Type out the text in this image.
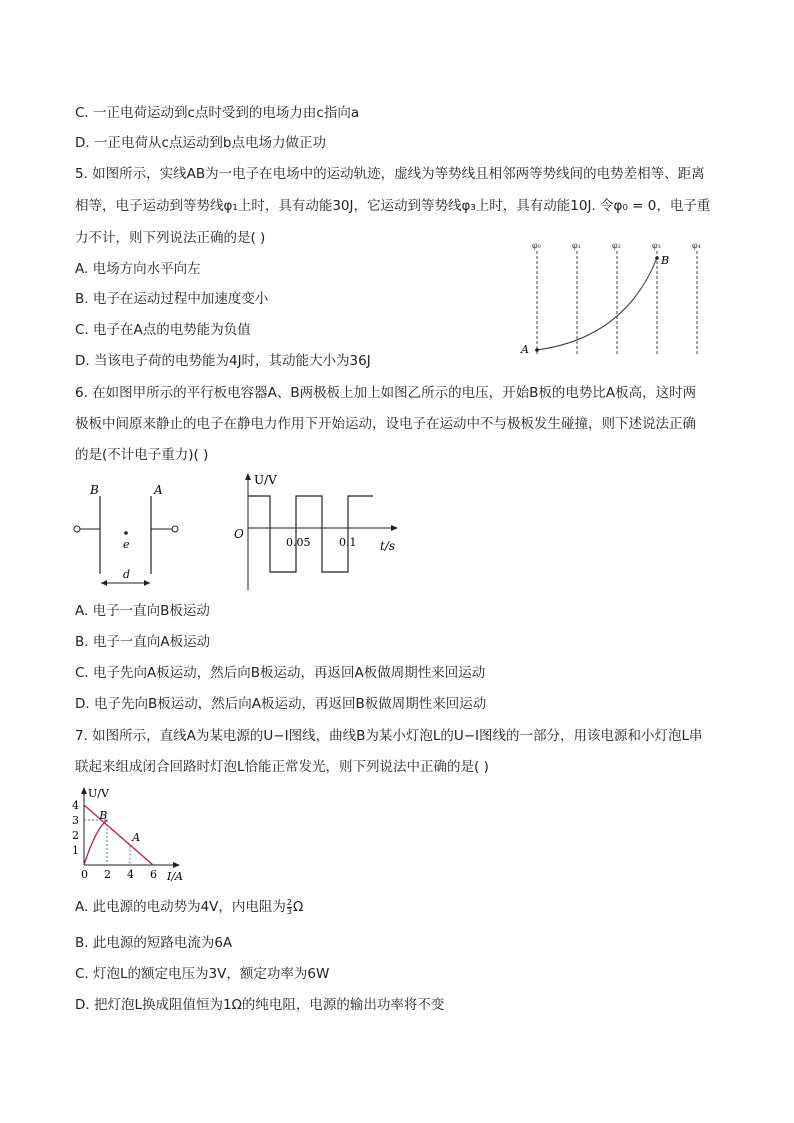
C. 一正电荷运动到c点时受到的电场力由c指向a
D. 一正电荷从c点运动到b点电场力做正功
5. 如图所示，实线AB为一电子在电场中的运动轨迹，虚线为等势线且相邻两等势线间的电势差相等、距离
相等，电子运动到等势线φ₁上时，具有动能30J，它运动到等势线φ₃上时，具有动能10J. 令φ₀ = 0，电子重
力不计，则下列说法正确的是( )
A. 电场方向水平向左
B. 电子在运动过程中加速度变小
C. 电子在A点的电势能为负值
D. 当该电子荷的电势能为4J时，其动能大小为36J
φ₀	φ₁	φ₂	φ₃	φ₄
A
B
6. 在如图甲所示的平行板电容器A、B两极板上加上如图乙所示的电压，开始B板的电势比A板高，这时两
极板中间原来静止的电子在静电力作用下开始运动，设电子在运动中不与极板发生碰撞，则下述说法正确
的是(不计电子重力)( )
B	A
e
d
U/V
t/s
O
0.05	0.1
A. 电子一直向B板运动
B. 电子一直向A板运动
C. 电子先向A板运动，然后向B板运动，再返回A板做周期性来回运动
D. 电子先向B板运动，然后向A板运动，再返回B板做周期性来回运动
7. 如图所示，直线A为某电源的U−I图线，曲线B为某小灯泡L的U−I图线的一部分，用该电源和小灯泡L串
联起来组成闭合回路时灯泡L恰能正常发光，则下列说法中正确的是( )
U/V
I/A
0 2 4 6
1
2
3
4
B
A
A. 此电源的电动势为4V，内电阻为 $\frac{2}{3}$ Ω
B. 此电源的短路电流为6A
C. 灯泡L的额定电压为3V，额定功率为6W
D. 把灯泡L换成阻值恒为1Ω的纯电阻，电源的输出功率将不变
